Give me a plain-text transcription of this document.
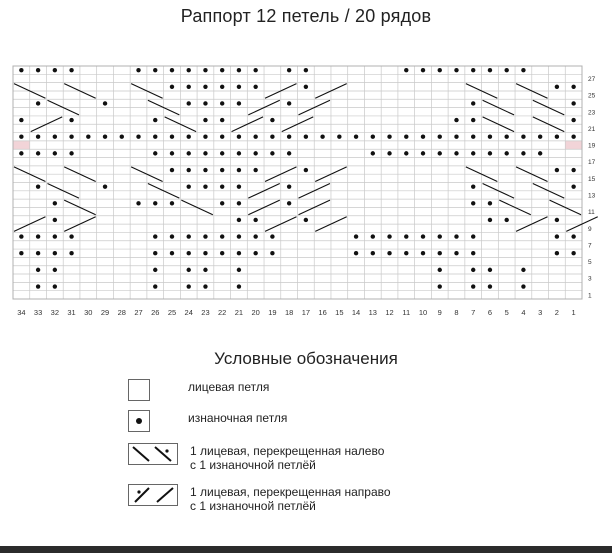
Раппорт 12 петель / 20 рядов
34 33 32 31 30 29 28 27 26 25 24 23 22 21 20 19 18 17 16 15 14 13 12 11 10 9 8 7 6 5 4 3 2 1
1
3
5
7
9
11
13
15
17
19
21
23
25
27
Условные обозначения
лицевая петля
изнаночная петля
1 лицевая, перекрещенная налево
с 1 изнаночной петлёй
1 лицевая, перекрещенная направо
с 1 изнаночной петлёй
